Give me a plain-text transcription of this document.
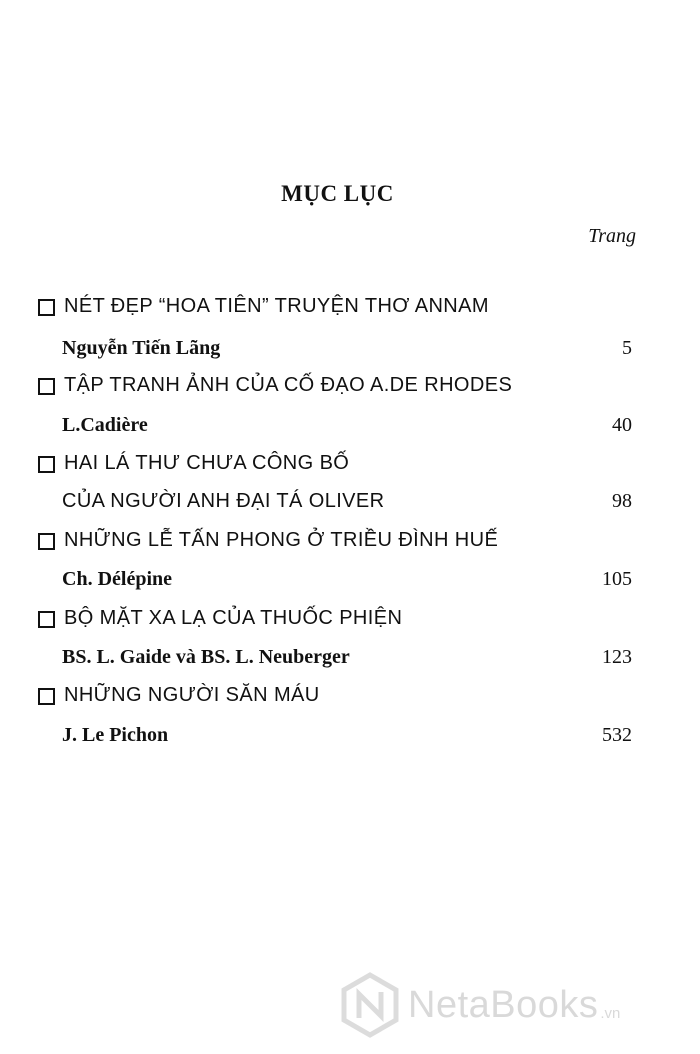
MỤC LỤC
Trang
NÉT ĐẸP “HOA TIÊN” TRUYỆN THƠ ANNAM
Nguyễn Tiến Lãng	5
TẬP TRANH ẢNH CỦA CỐ ĐẠO A.DE RHODES
L.Cadière	40
HAI LÁ THƯ CHƯA CÔNG BỐ
CỦA NGƯỜI ANH ĐẠI TÁ OLIVER	98
NHỮNG LỄ TẤN PHONG Ở TRIỀU ĐÌNH HUẾ
Ch. Délépine	105
BỘ MẶT XA LẠ CỦA THUỐC PHIỆN
BS. L. Gaide và BS. L. Neuberger	123
NHỮNG NGƯỜI SĂN MÁU
J. Le Pichon	532
NetaBooks .vn
